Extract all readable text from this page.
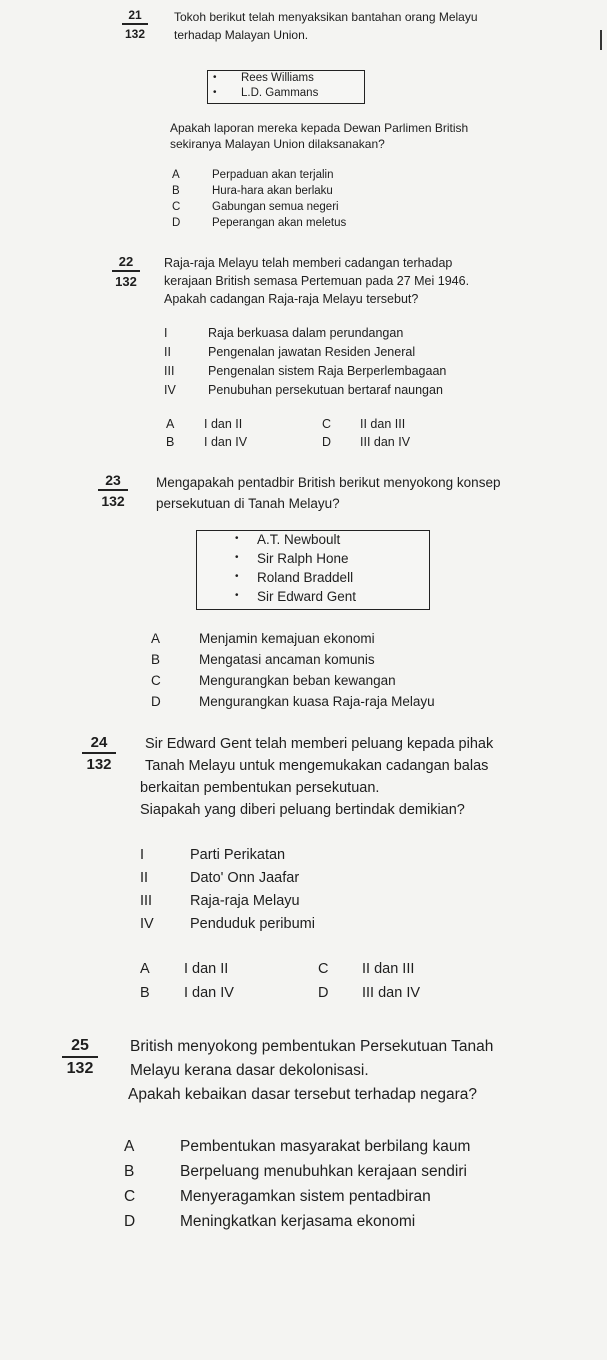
21
132
Tokoh berikut telah menyaksikan bantahan orang Melayu
terhadap Malayan Union.
• Rees Williams
• L.D. Gammans
Apakah laporan mereka kepada Dewan Parlimen British
sekiranya Malayan Union dilaksanakan?
A	Perpaduan akan terjalin
B	Hura-hara akan berlaku
C	Gabungan semua negeri
D	Peperangan akan meletus
22
132
Raja-raja Melayu telah memberi cadangan terhadap
kerajaan British semasa Pertemuan pada 27 Mei 1946.
Apakah cadangan Raja-raja Melayu tersebut?
I	Raja berkuasa dalam perundangan
II	Pengenalan jawatan Residen Jeneral
III	Pengenalan sistem Raja Berperlembagaan
IV	Penubuhan persekutuan bertaraf naungan
A I dan II	C II dan III
B I dan IV	D III dan IV
23
132
Mengapakah pentadbir British berikut menyokong konsep
persekutuan di Tanah Melayu?
• A.T. Newboult
• Sir Ralph Hone
• Roland Braddell
• Sir Edward Gent
A	Menjamin kemajuan ekonomi
B	Mengatasi ancaman komunis
C	Mengurangkan beban kewangan
D	Mengurangkan kuasa Raja-raja Melayu
24
132
Sir Edward Gent telah memberi peluang kepada pihak
Tanah Melayu untuk mengemukakan cadangan balas
berkaitan pembentukan persekutuan.
Siapakah yang diberi peluang bertindak demikian?
I	Parti Perikatan
II	Dato' Onn Jaafar
III	Raja-raja Melayu
IV	Penduduk peribumi
A I dan II	C II dan III
B I dan IV	D III dan IV
25
132
British menyokong pembentukan Persekutuan Tanah
Melayu kerana dasar dekolonisasi.
Apakah kebaikan dasar tersebut terhadap negara?
A	Pembentukan masyarakat berbilang kaum
B	Berpeluang menubuhkan kerajaan sendiri
C	Menyeragamkan sistem pentadbiran
D	Meningkatkan kerjasama ekonomi
